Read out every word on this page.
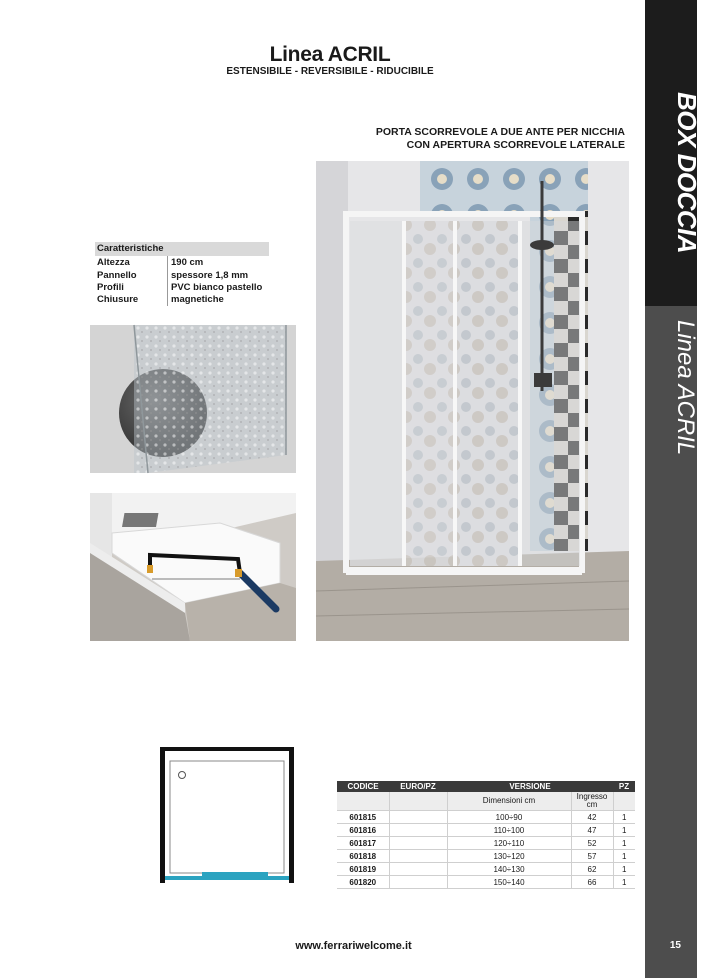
Linea ACRIL
ESTENSIBILE - REVERSIBILE - RIDUCIBILE
BOX DOCCIA
Linea ACRIL
15
PORTA SCORREVOLE A DUE ANTE PER NICCHIA
CON APERTURA SCORREVOLE LATERALE
Caratteristiche
Altezza	190 cm
Pannello	spessore 1,8 mm
Profili	PVC bianco pastello
Chiusure	magnetiche
CODICE	EURO/PZ	VERSIONE		PZ
		Dimensioni cm	Ingresso cm	
601815		100÷90	42	1
601816		110÷100	47	1
601817		120÷110	52	1
601818		130÷120	57	1
601819		140÷130	62	1
601820		150÷140	66	1
www.ferrariwelcome.it
